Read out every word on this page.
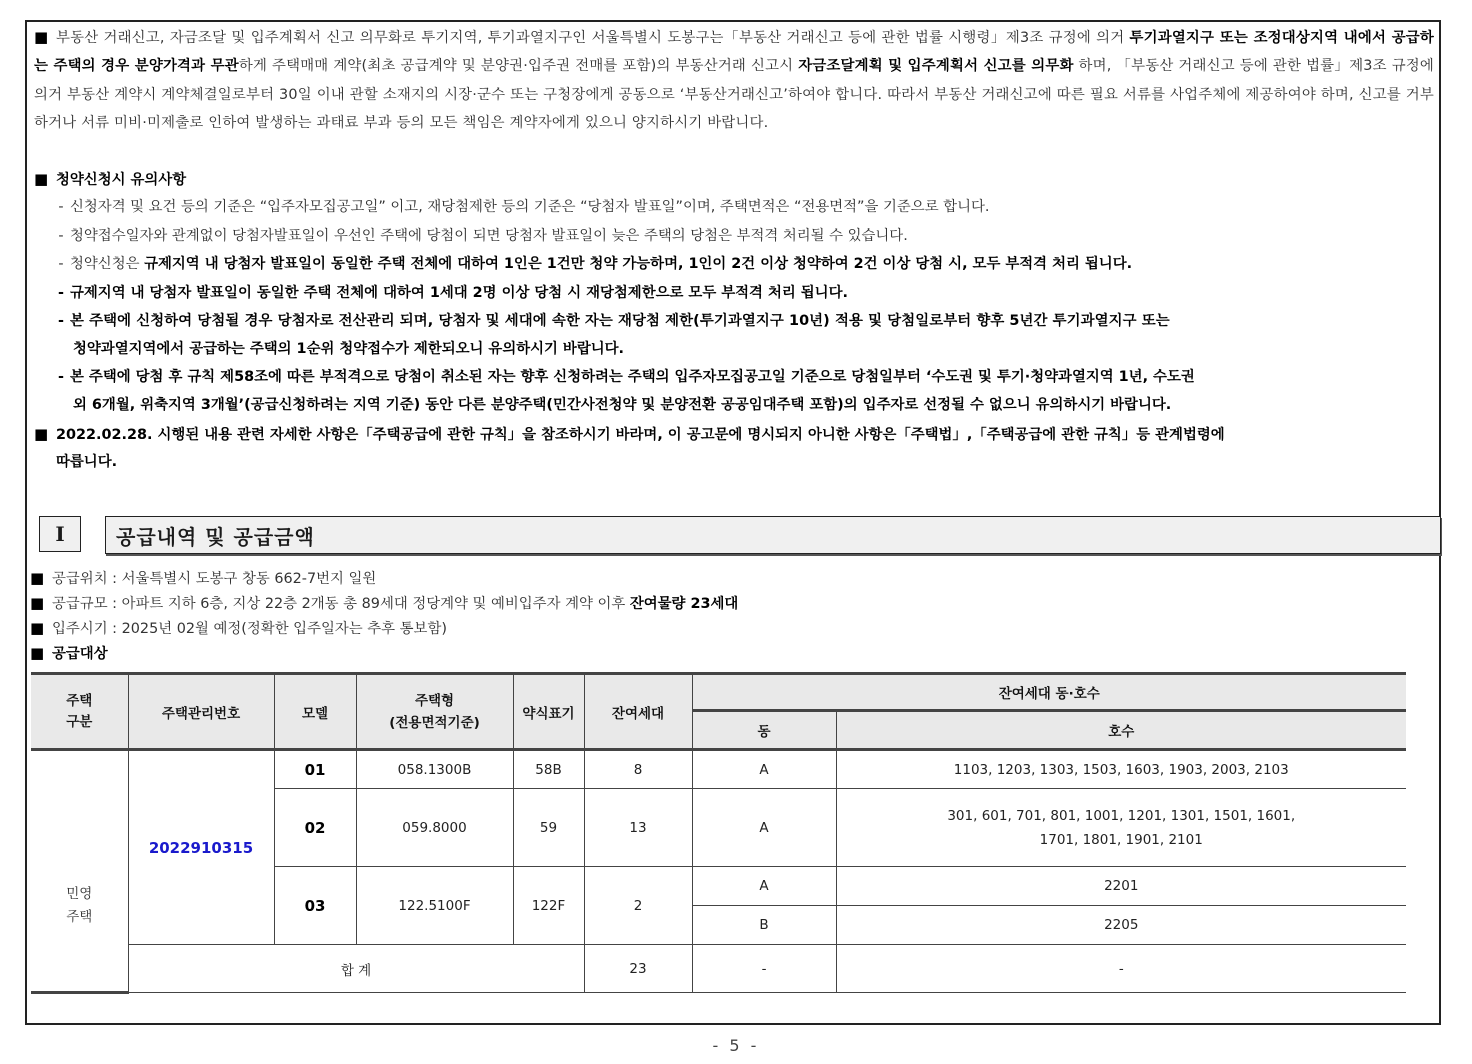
■ 부동산 거래신고, 자금조달 및 입주계획서 신고 의무화로 투기지역, 투기과열지구인 서울특별시 도봉구는「부동산 거래신고 등에 관한 법률 시행령」제3조 규정에 의거 투기과열지구 또는 조정대상지역 내에서 공급하는 주택의 경우 분양가격과 무관하게 주택매매 계약(최초 공급계약 및 분양권·입주권 전매를 포함)의 부동산거래 신고시 자금조달계획 및 입주계획서 신고를 의무화 하며, 「부동산 거래신고 등에 관한 법률」제3조 규정에 의거 부동산 계약시 계약체결일로부터 30일 이내 관할 소재지의 시장·군수 또는 구청장에게 공동으로 ‘부동산거래신고’하여야 합니다. 따라서 부동산 거래신고에 따른 필요 서류를 사업주체에 제공하여야 하며, 신고를 거부하거나 서류 미비·미제출로 인하여 발생하는 과태료 부과 등의 모든 책임은 계약자에게 있으니 양지하시기 바랍니다.
■ 청약신청시 유의사항
- 신청자격 및 요건 등의 기준은 “입주자모집공고일” 이고, 재당첨제한 등의 기준은 “당첨자 발표일”이며, 주택면적은 “전용면적”을 기준으로 합니다.
- 청약접수일자와 관계없이 당첨자발표일이 우선인 주택에 당첨이 되면 당첨자 발표일이 늦은 주택의 당첨은 부적격 처리될 수 있습니다.
- 청약신청은 규제지역 내 당첨자 발표일이 동일한 주택 전체에 대하여 1인은 1건만 청약 가능하며, 1인이 2건 이상 청약하여 2건 이상 당첨 시, 모두 부적격 처리 됩니다.
- 규제지역 내 당첨자 발표일이 동일한 주택 전체에 대하여 1세대 2명 이상 당첨 시 재당첨제한으로 모두 부적격 처리 됩니다.
- 본 주택에 신청하여 당첨될 경우 당첨자로 전산관리 되며, 당첨자 및 세대에 속한 자는 재당첨 제한(투기과열지구 10년) 적용 및 당첨일로부터 향후 5년간 투기과열지구 또는
청약과열지역에서 공급하는 주택의 1순위 청약접수가 제한되오니 유의하시기 바랍니다.
- 본 주택에 당첨 후 규칙 제58조에 따른 부적격으로 당첨이 취소된 자는 향후 신청하려는 주택의 입주자모집공고일 기준으로 당첨일부터 ‘수도권 및 투기·청약과열지역 1년, 수도권
외 6개월, 위축지역 3개월’(공급신청하려는 지역 기준) 동안 다른 분양주택(민간사전청약 및 분양전환 공공임대주택 포함)의 입주자로 선정될 수 없으니 유의하시기 바랍니다.
■ 2022.02.28. 시행된 내용 관련 자세한 사항은「주택공급에 관한 규칙」을 참조하시기 바라며, 이 공고문에 명시되지 아니한 사항은「주택법」,「주택공급에 관한 규칙」등 관계법령에
따릅니다.
I	공급내역 및 공급금액
■ 공급위치 : 서울특별시 도봉구 창동 662-7번지 일원
■ 공급규모 : 아파트 지하 6층, 지상 22층 2개동 총 89세대 정당계약 및 예비입주자 계약 이후 잔여물량 23세대
■ 입주시기 : 2025년 02월 예정(정확한 입주일자는 추후 통보함)
■ 공급대상
주택
구분	주택관리번호	모델	주택형
(전용면적기준)	약식표기	잔여세대	잔여세대 동·호수	
						동	호수
민영
주택	2022910315	01	058.1300B	58B	8	A	1103, 1203, 1303, 1503, 1603, 1903, 2003, 2103
		02	059.8000	59	13	A	301, 601, 701, 801, 1001, 1201, 1301, 1501, 1601,
1701, 1801, 1901, 2101
		03	122.5100F	122F	2	A	2201
						B	2205
	합 계				23	-	-
- 5 -
